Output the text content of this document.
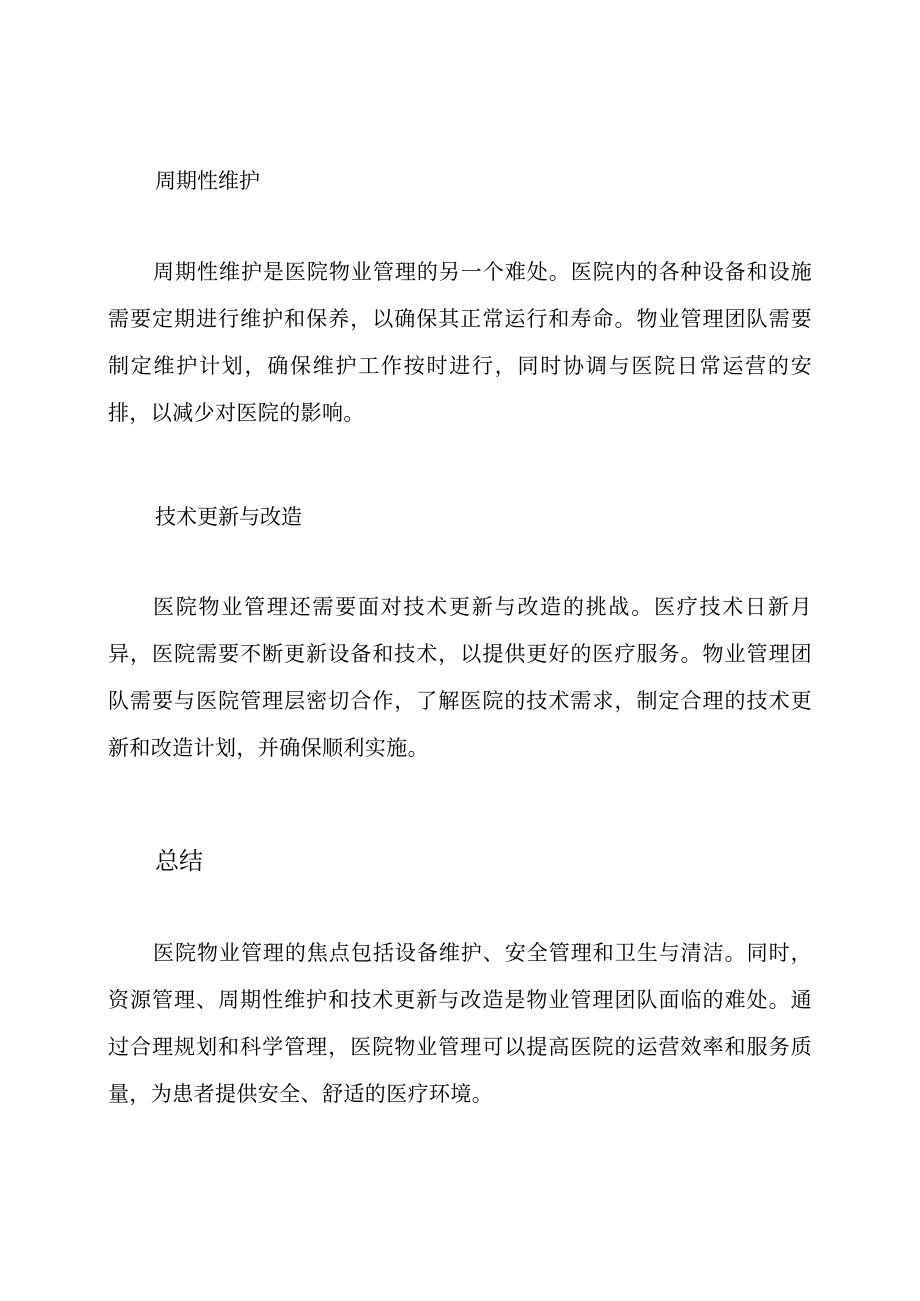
周期性维护

周期性维护是医院物业管理的另一个难处。医院内的各种设备和设施需要定期进行维护和保养，以确保其正常运行和寿命。物业管理团队需要制定维护计划，确保维护工作按时进行，同时协调与医院日常运营的安排，以减少对医院的影响。

技术更新与改造

医院物业管理还需要面对技术更新与改造的挑战。医疗技术日新月异，医院需要不断更新设备和技术，以提供更好的医疗服务。物业管理团队需要与医院管理层密切合作，了解医院的技术需求，制定合理的技术更新和改造计划，并确保顺利实施。

总结

医院物业管理的焦点包括设备维护、安全管理和卫生与清洁。同时，资源管理、周期性维护和技术更新与改造是物业管理团队面临的难处。通过合理规划和科学管理，医院物业管理可以提高医院的运营效率和服务质量，为患者提供安全、舒适的医疗环境。
